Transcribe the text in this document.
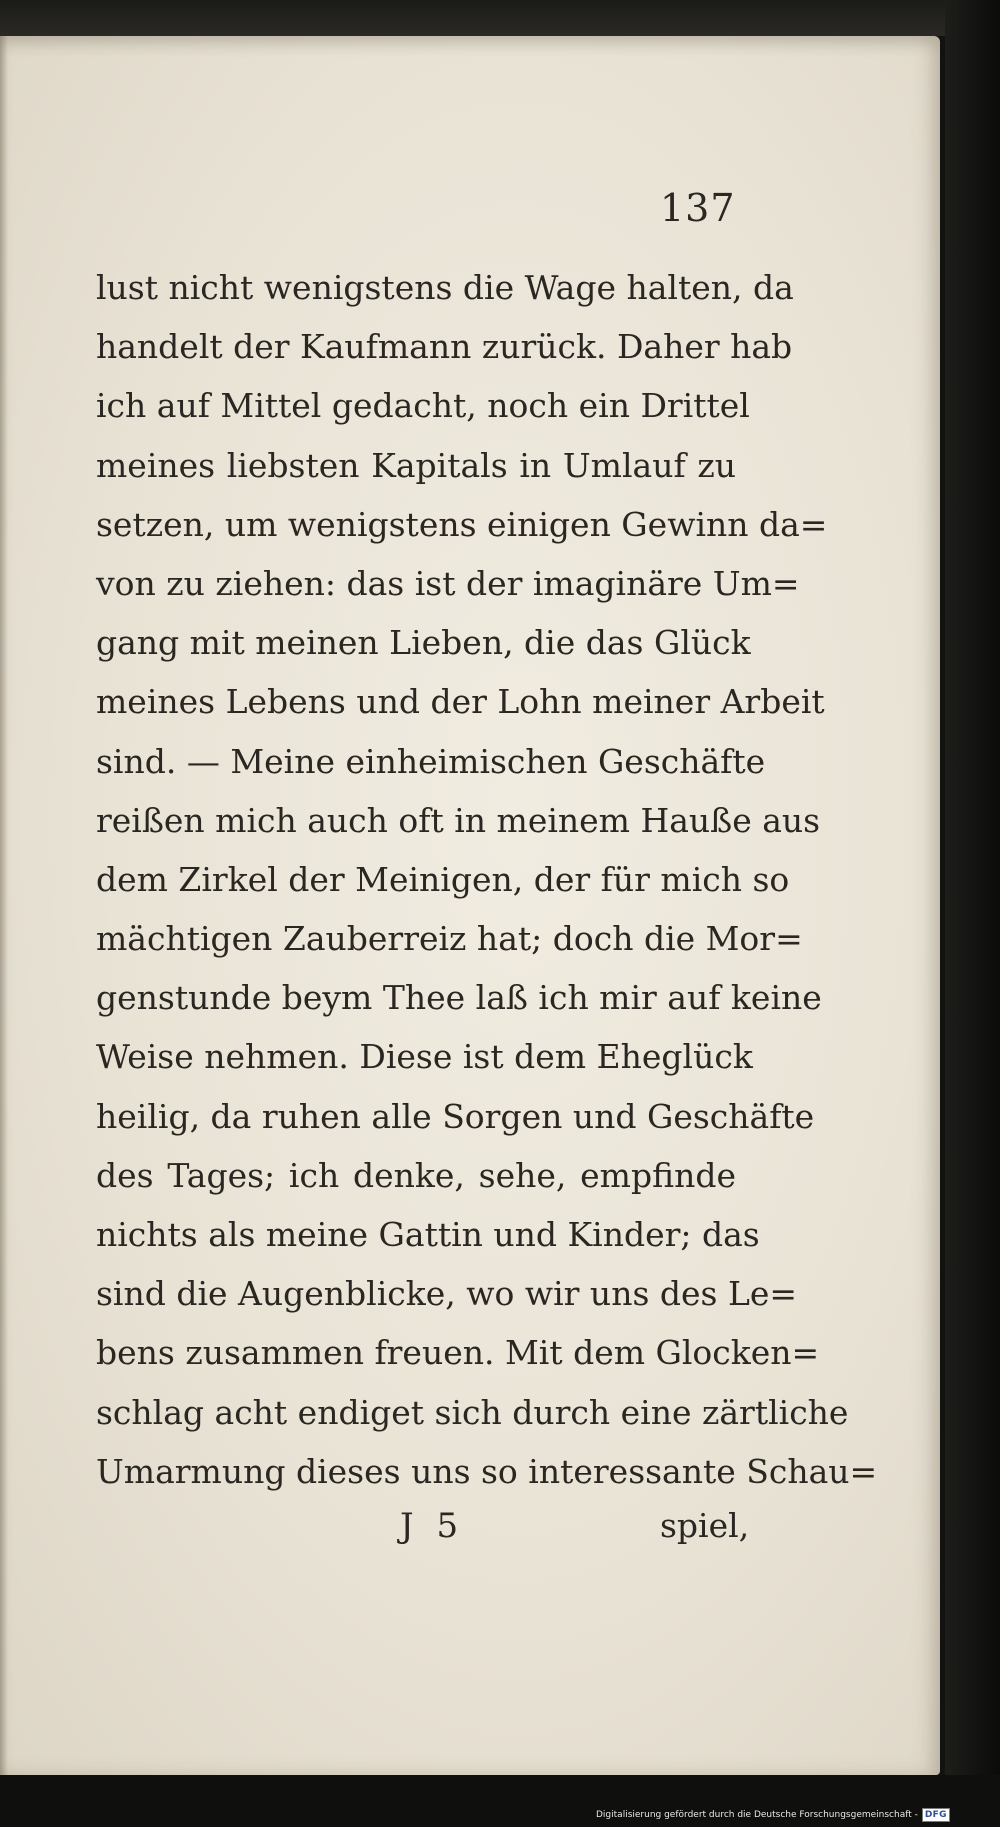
137
lust nicht wenigstens die Wage halten, da
handelt der Kaufmann zurück. Daher hab
ich auf Mittel gedacht, noch ein Drittel
meines liebsten Kapitals in Umlauf zu
setzen, um wenigstens einigen Gewinn da=
von zu ziehen: das ist der imaginäre Um=
gang mit meinen Lieben, die das Glück
meines Lebens und der Lohn meiner Arbeit
sind. — Meine einheimischen Geschäfte
reißen mich auch oft in meinem Hauße aus
dem Zirkel der Meinigen, der für mich so
mächtigen Zauberreiz hat; doch die Mor=
genstunde beym Thee laß ich mir auf keine
Weise nehmen. Diese ist dem Ehеglück
heilig, da ruhen alle Sorgen und Geschäfte
des Tages; ich denke, sehe, empfinde
nichts als meine Gattin und Kinder; das
sind die Augenblicke, wo wir uns des Le=
bens zusammen freuen. Mit dem Glocken=
schlag acht endiget sich durch eine zärtliche
Umarmung dieses uns so interessante Schau=
J 5	spiel,
Digitalisierung gefördert durch die Deutsche Forschungsgemeinschaft - DFG
